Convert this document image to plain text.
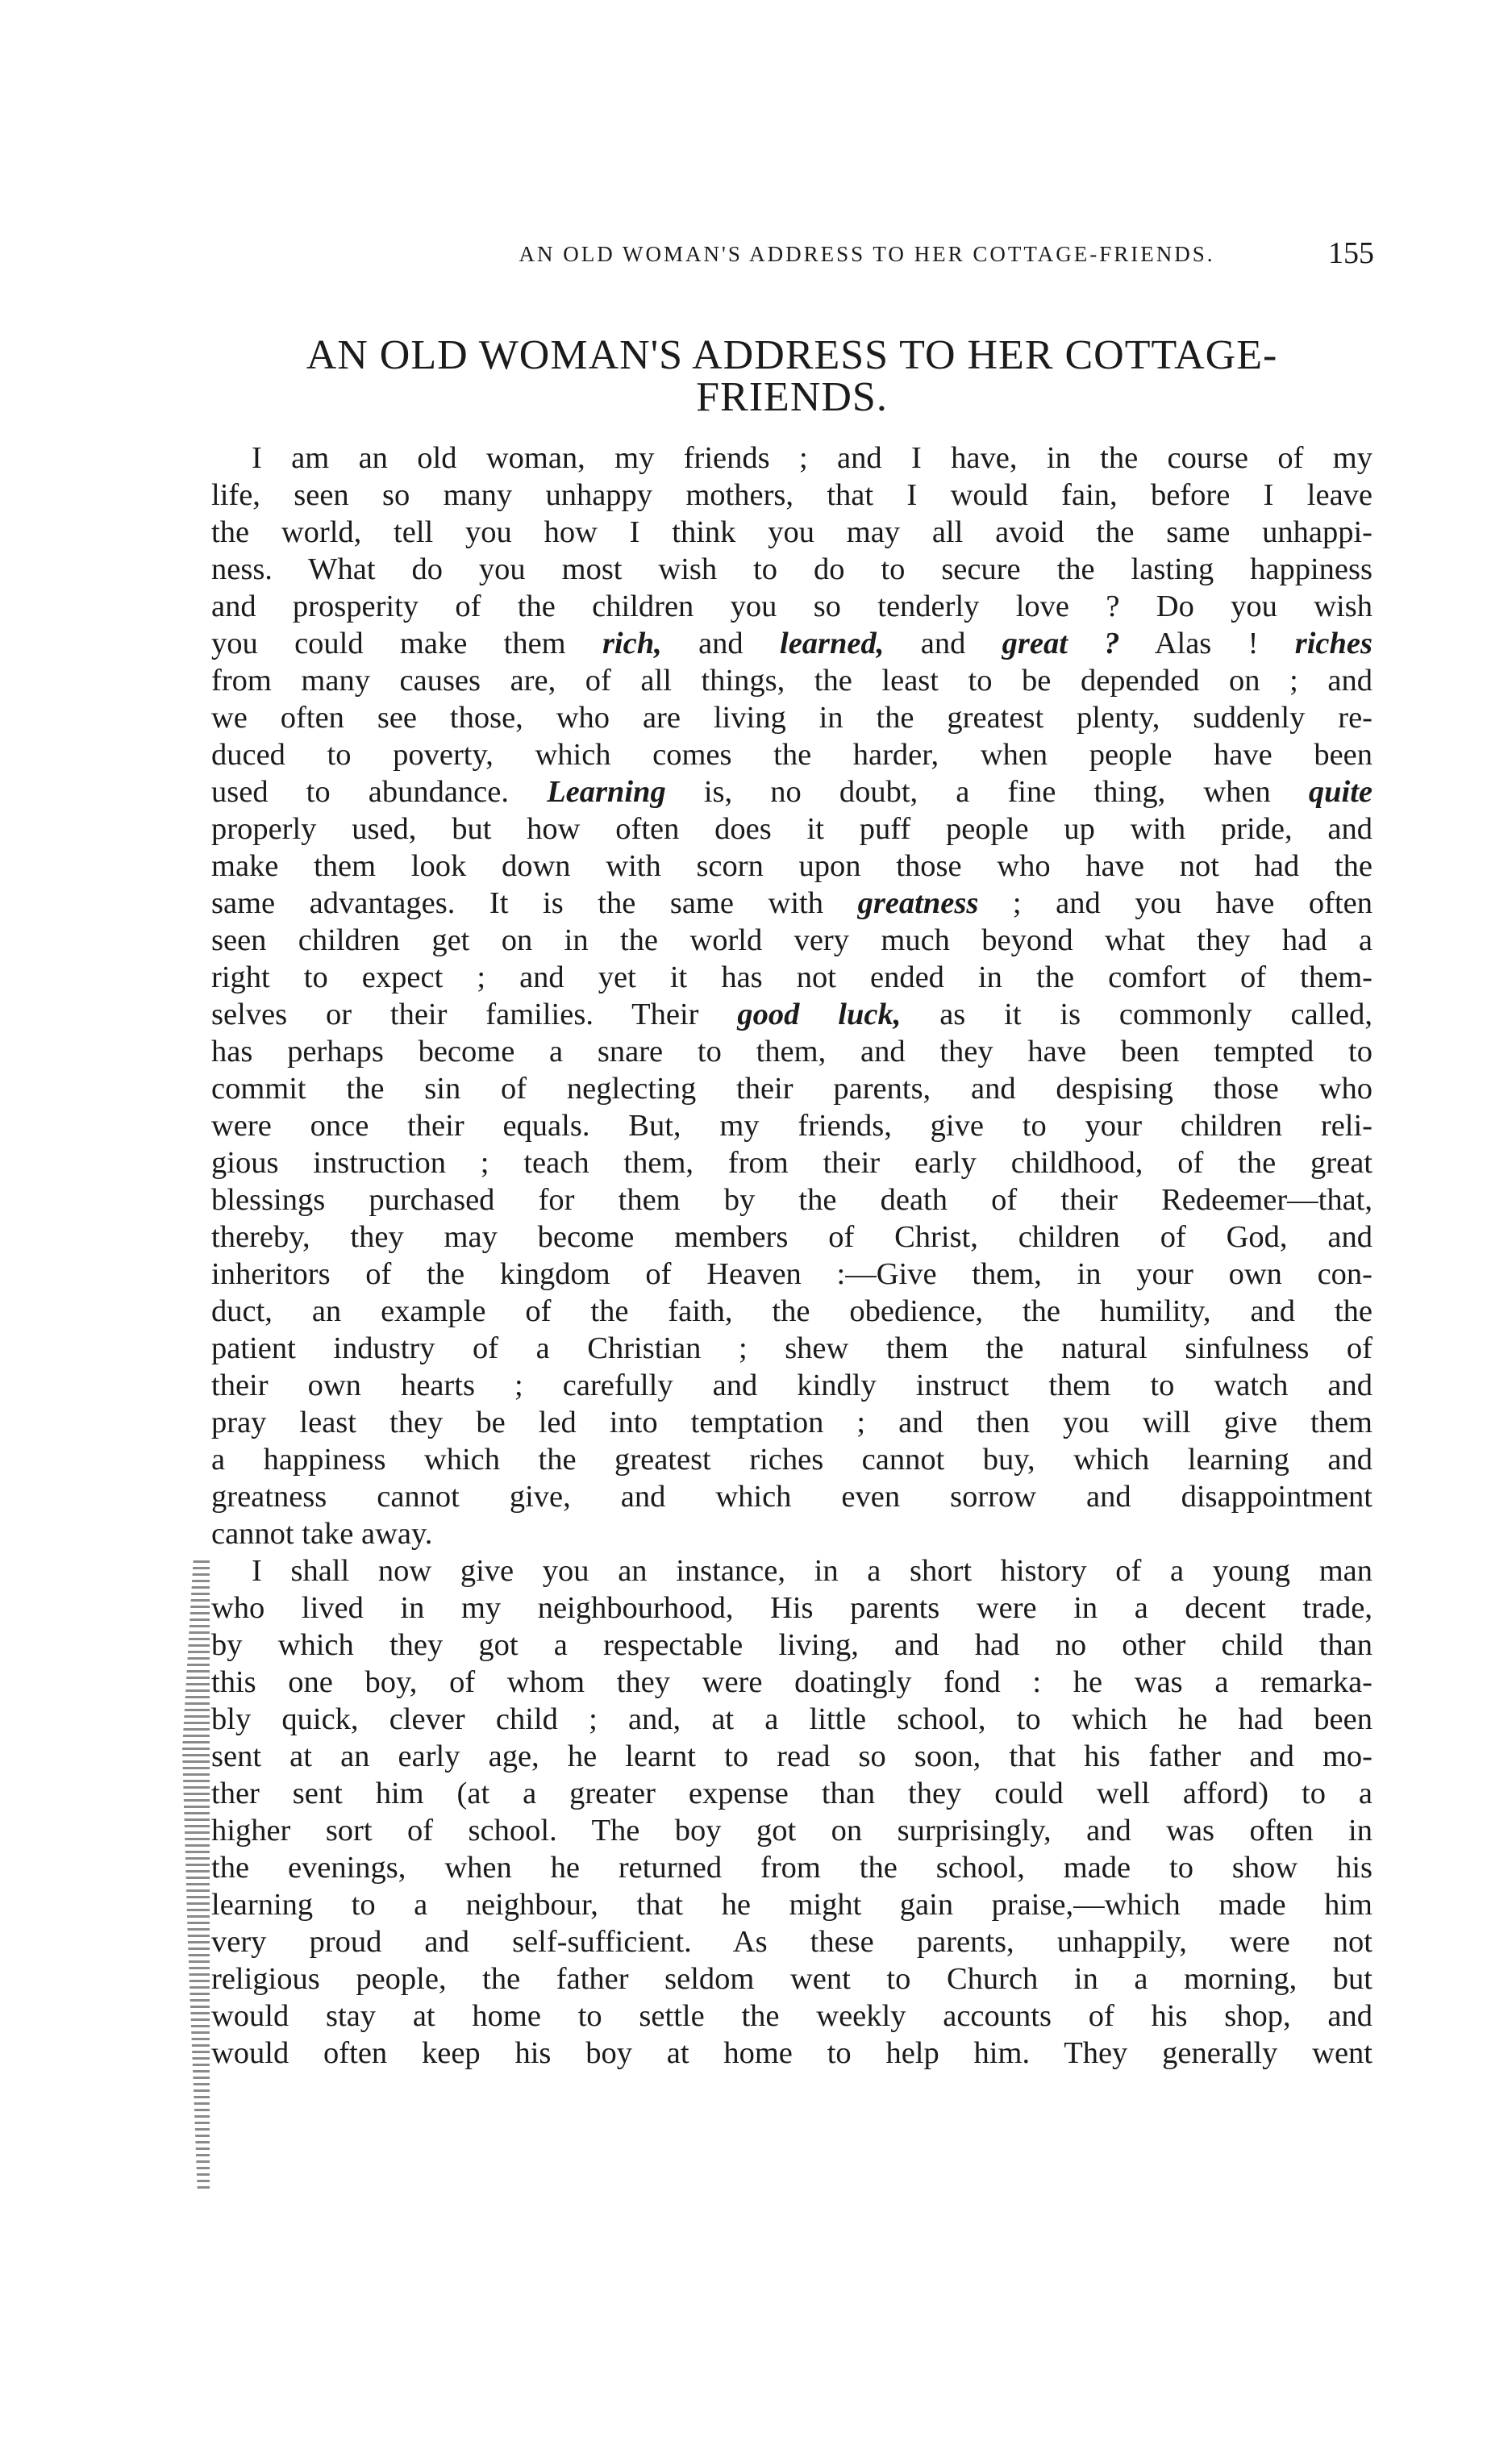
AN OLD WOMAN'S ADDRESS TO HER COTTAGE-FRIENDS.	155
AN OLD WOMAN'S ADDRESS TO HER COTTAGE-
FRIENDS.
I am an old woman, my friends ; and I have, in the course of my
life, seen so many unhappy mothers, that I would fain, before I leave
the world, tell you how I think you may all avoid the same unhappi-
ness. What do you most wish to do to secure the lasting happiness
and prosperity of the children you so tenderly love ? Do you wish
you could make them rich, and learned, and great ? Alas ! riches
from many causes are, of all things, the least to be depended on ; and
we often see those, who are living in the greatest plenty, suddenly re-
duced to poverty, which comes the harder, when people have been
used to abundance. Learning is, no doubt, a fine thing, when quite
properly used, but how often does it puff people up with pride, and
make them look down with scorn upon those who have not had the
same advantages. It is the same with greatness ; and you have often
seen children get on in the world very much beyond what they had a
right to expect ; and yet it has not ended in the comfort of them-
selves or their families. Their good luck, as it is commonly called,
has perhaps become a snare to them, and they have been tempted to
commit the sin of neglecting their parents, and despising those who
were once their equals. But, my friends, give to your children reli-
gious instruction ; teach them, from their early childhood, of the great
blessings purchased for them by the death of their Redeemer—that,
thereby, they may become members of Christ, children of God, and
inheritors of the kingdom of Heaven :—Give them, in your own con-
duct, an example of the faith, the obedience, the humility, and the
patient industry of a Christian ; shew them the natural sinfulness of
their own hearts ; carefully and kindly instruct them to watch and
pray least they be led into temptation ; and then you will give them
a happiness which the greatest riches cannot buy, which learning and
greatness cannot give, and which even sorrow and disappointment
cannot take away.
I shall now give you an instance, in a short history of a young man
who lived in my neighbourhood, His parents were in a decent trade,
by which they got a respectable living, and had no other child than
this one boy, of whom they were doatingly fond : he was a remarka-
bly quick, clever child ; and, at a little school, to which he had been
sent at an early age, he learnt to read so soon, that his father and mo-
ther sent him (at a greater expense than they could well afford) to a
higher sort of school. The boy got on surprisingly, and was often in
the evenings, when he returned from the school, made to show his
learning to a neighbour, that he might gain praise,—which made him
very proud and self-sufficient. As these parents, unhappily, were not
religious people, the father seldom went to Church in a morning, but
would stay at home to settle the weekly accounts of his shop, and
would often keep his boy at home to help him. They generally went
